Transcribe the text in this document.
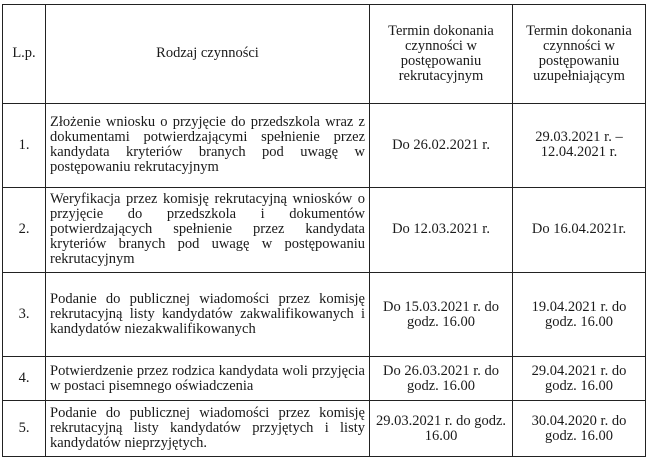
L.p.	Rodzaj czynności	Termin dokonania czynności w postępowaniu rekrutacyjnym	Termin dokonania czynności w postępowaniu uzupełniającym
1.	Złożenie wniosku o przyjęcie do przedszkola wraz z dokumentami potwierdzającymi spełnienie przez kandydata kryteriów branych pod uwagę w postępowaniu rekrutacyjnym	Do 26.02.2021 r.	29.03.2021 r. – 12.04.2021 r.
2.	Weryfikacja przez komisję rekrutacyjną wniosków o przyjęcie do przedszkola i dokumentów potwierdzających spełnienie przez kandydata kryteriów branych pod uwagę w postępowaniu rekrutacyjnym	Do 12.03.2021 r.	Do 16.04.2021r.
3.	Podanie do publicznej wiadomości przez komisję rekrutacyjną listy kandydatów zakwalifikowanych i kandydatów niezakwalifikowanych	Do 15.03.2021 r. do godz. 16.00	19.04.2021 r. do godz. 16.00
4.	Potwierdzenie przez rodzica kandydata woli przyjęcia w postaci pisemnego oświadczenia	Do 26.03.2021 r. do godz. 16.00	29.04.2021 r. do godz. 16.00
5.	Podanie do publicznej wiadomości przez komisję rekrutacyjną listy kandydatów przyjętych i listy kandydatów nieprzyjętych.	29.03.2021 r. do godz. 16.00	30.04.2020 r. do godz. 16.00
